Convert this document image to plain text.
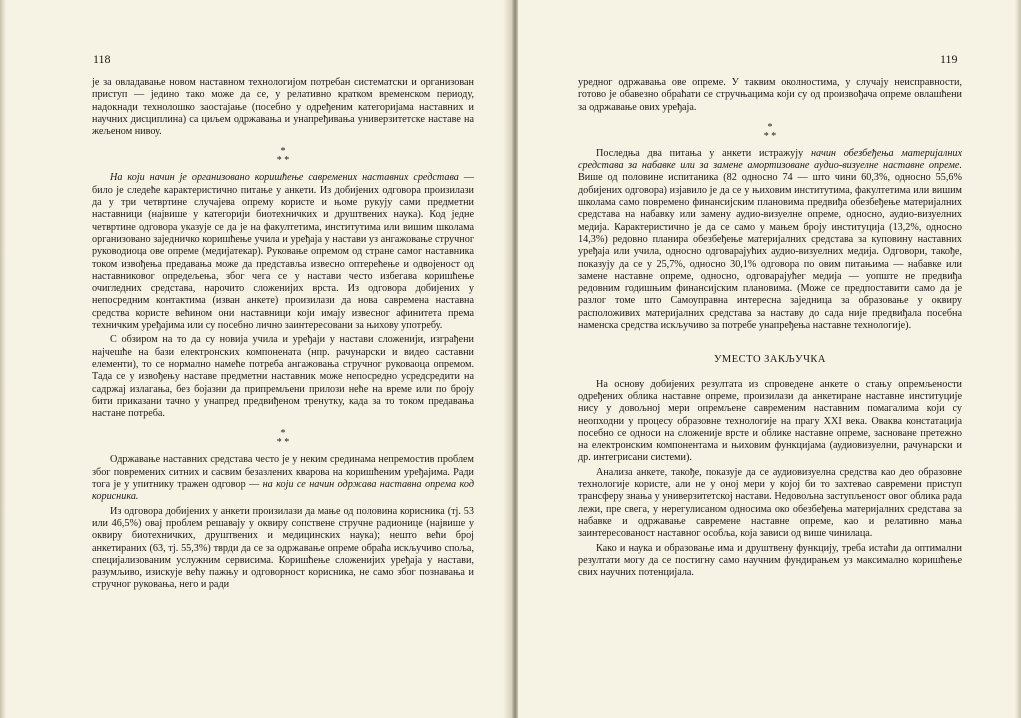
118

је за овладавање новом наставном технологијом потребан систематски и организован приступ — једино тако може да се, у релативно кратком временском периоду, надокнади технолошко заостајање (посебно у одређеним категоријама наставних и научних дисциплина) са циљем одржавања и унапређивања универзитетске наставе на жељеном нивоу.

*
* *

На који начин је организовано коришћење савремених наставних средстава — било је следеће карактеристично питање у анкети. Из добијених одговора произилази да у три четвртине случајева опрему користе и њоме рукују сами предметни наставници (највише у категорији биотехничких и друштвених наука). Код једне четвртине одговора указује се да је на факултетима, институтима или вишим школама организовано заједничко коришћење учила и уређаја у настави уз ангажовање стручног руководиоца ове опреме (медијатекар). Руковање опремом од стране самог наставника током извођења предавања може да представља извесно оптерећење и одвојеност од наставниковог опредељења, због чега се у настави често избегава коришћење очигледних средстава, нарочито сложенијих врста. Из одговора добијених у непосредним контактима (изван анкете) произилази да нова савремена наставна средства користе већином они наставници који имају извесног афинитета према техничким уређајима или су посебно лично заинтересовани за њихову употребу.

С обзиром на то да су новија учила и уређаји у настави сложенији, изграђени најчешће на бази електронских компонената (нпр. рачунарски и видео саставни елементи), то се нормално намеће потреба ангажовања стручног руковаоца опремом. Тада се у извођењу наставе предметни наставник може непосредно усредсредити на садржај излагања, без бојазни да припремљени прилози неће на време или по броју бити приказани тачно у унапред предвиђеном тренутку, када за то током предавања настане потреба.

*
* *

Одржавање наставних средстава често је у неким срединама непремостив проблем због повремених ситних и сасвим безазлених кварова на коришћеним уређајима. Ради тога је у упитнику тражен одговор — на који се начин одржава наставна опрема код корисника.

Из одговора добијених у анкети произилази да мање од половина корисника (тј. 53 или 46,5%) овај проблем решавају у оквиру сопствене стручне радионице (највише у оквиру биотехничких, друштвених и медицинских наука); нешто већи број анкетираних (63, тј. 55,3%) тврди да се за одржавање опреме обраћа искључиво споља, специјализованим услужним сервисима. Коришћење сложенијих уређаја у настави, разумљиво, изискује већу пажњу и одговорност корисника, не само због познавања и стручног руковања, него и ради

119

уредног одржавања ове опреме. У таквим околностима, у случају неисправности, готово је обавезно обраћати се стручњацима који су од произвођача опреме овлашћени за одржавање ових уређаја.

*
* *

Последња два питања у анкети истражују начин обезбеђења материјалних средстава за набавке или за замене амортизоване аудио-визуелне наставне опреме. Више од половине испитаника (82 односно 74 — што чини 60,3%, односно 55,6% добијених одговора) изјавило је да се у њиховим институтима, факултетима или вишим школама само повремено финансијским плановима предвиђа обезбеђење материјалних средстава на набавку или замену аудио-визуелне опреме, односно, аудио-визуелних медија. Карактеристично је да се само у мањем броју институција (13,2%, односно 14,3%) редовно планира обезбеђење материјалних средстава за куповину наставних уређаја или учила, односно одговарајућих аудио-визуелних медија. Одговори, такође, показују да се у 25,7%, односно 30,1% одговора по овим питањима — набавке или замене наставне опреме, односно, одговарајућег медија — уопште не предвиђа редовним годишњим финансијским плановима. (Може се предпоставити само да је разлог томе што Самоуправна интересна заједница за образовање у оквиру расположивих материјалних средстава за наставу до сада није предвиђала посебна наменска средства искључиво за потребе унапређења наставне технологије).

УМЕСТО ЗАКЉУЧКА

На основу добијених резултата из спроведене анкете о стању опремљености одређених облика наставне опреме, произилази да анкетиране наставне институције нису у довољној мери опремљене савременим наставним помагалима који су неопходни у процесу образовне технологије на прагу XXI века. Оваква констатација посебно се односи на сложеније врсте и облике наставне опреме, засноване претежно на електронским компонентама и њиховим функцијама (аудиовизуелни, рачунарски и др. интегрисани системи).

Анализа анкете, такође, показује да се аудиовизуелна средства као део образовне технологије користе, али не у оној мери у којој би то захтевао савремени приступ трансферу знања у универзитетској настави. Недовољна заступљеност овог облика рада лежи, пре свега, у нерегулисаном односима око обезбеђења материјалних средстава за набавке и одржавање савремене наставне опреме, као и релативно мања заинтересованост наставног особља, која зависи од више чинилаца.

Како и наука и образовање има и друштвену функцију, треба истаћи да оптимални резултати могу да се постигну само научним фундирањем уз максимално коришћење свих научних потенцијала.
